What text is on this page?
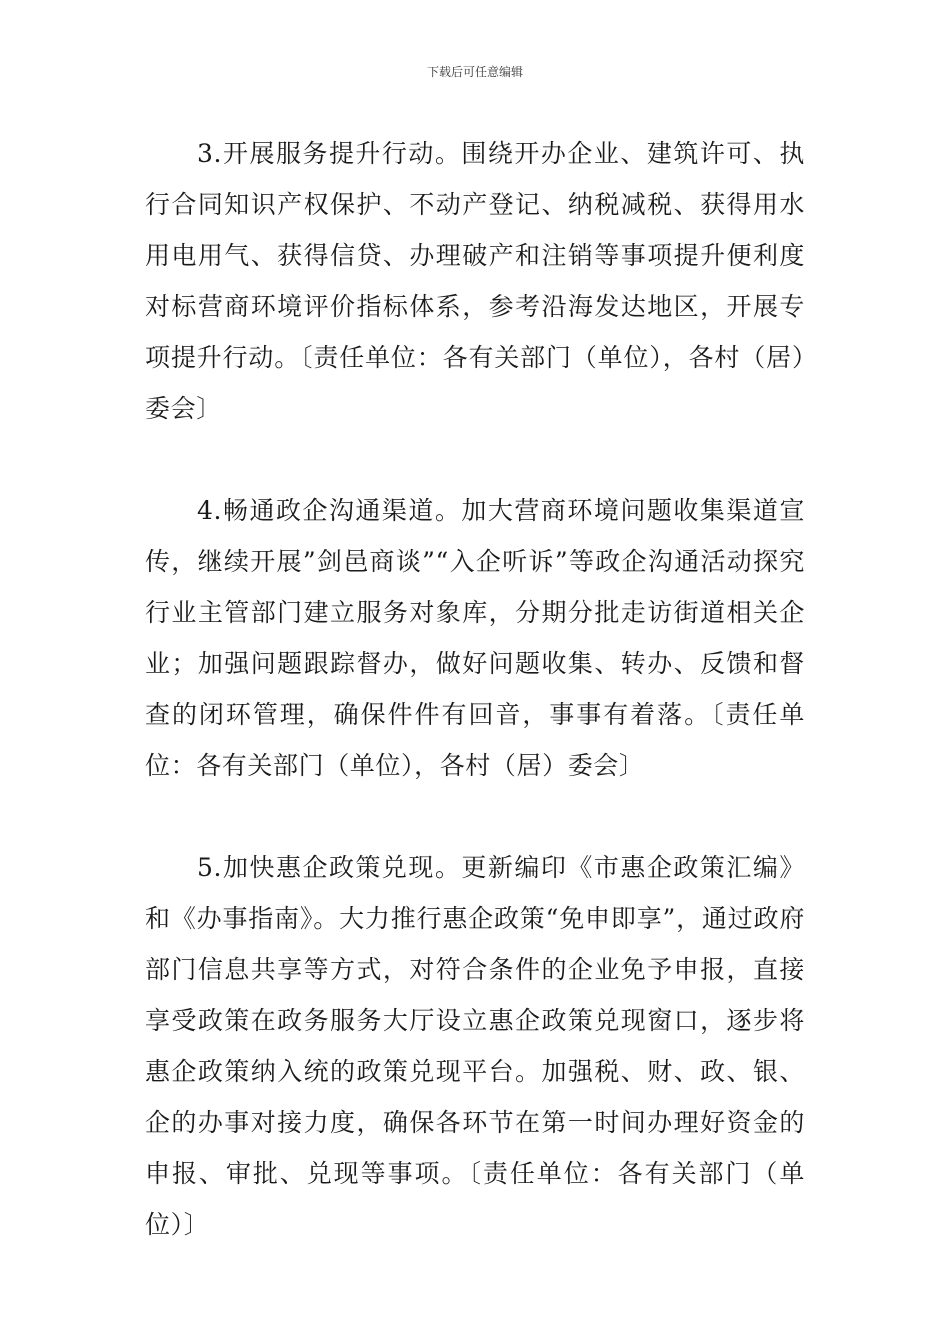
下载后可任意编辑

3.开展服务提升行动。围绕开办企业、建筑许可、执行合同知识产权保护、不动产登记、纳税减税、获得用水用电用气、获得信贷、办理破产和注销等事项提升便利度对标营商环境评价指标体系，参考沿海发达地区，开展专项提升行动。〔责任单位：各有关部门（单位），各村（居）委会〕

4.畅通政企沟通渠道。加大营商环境问题收集渠道宣传，继续开展”剑邑商谈”“入企听诉”等政企沟通活动探究行业主管部门建立服务对象库，分期分批走访街道相关企业；加强问题跟踪督办，做好问题收集、转办、反馈和督查的闭环管理，确保件件有回音，事事有着落。〔责任单位：各有关部门（单位），各村（居）委会〕

5.加快惠企政策兑现。更新编印《市惠企政策汇编》和《办事指南》。大力推行惠企政策“免申即享”，通过政府部门信息共享等方式，对符合条件的企业免予申报，直接享受政策在政务服务大厅设立惠企政策兑现窗口，逐步将惠企政策纳入统的政策兑现平台。加强税、财、政、银、企的办事对接力度，确保各环节在第一时间办理好资金的申报、审批、兑现等事项。〔责任单位：各有关部门（单位）〕
